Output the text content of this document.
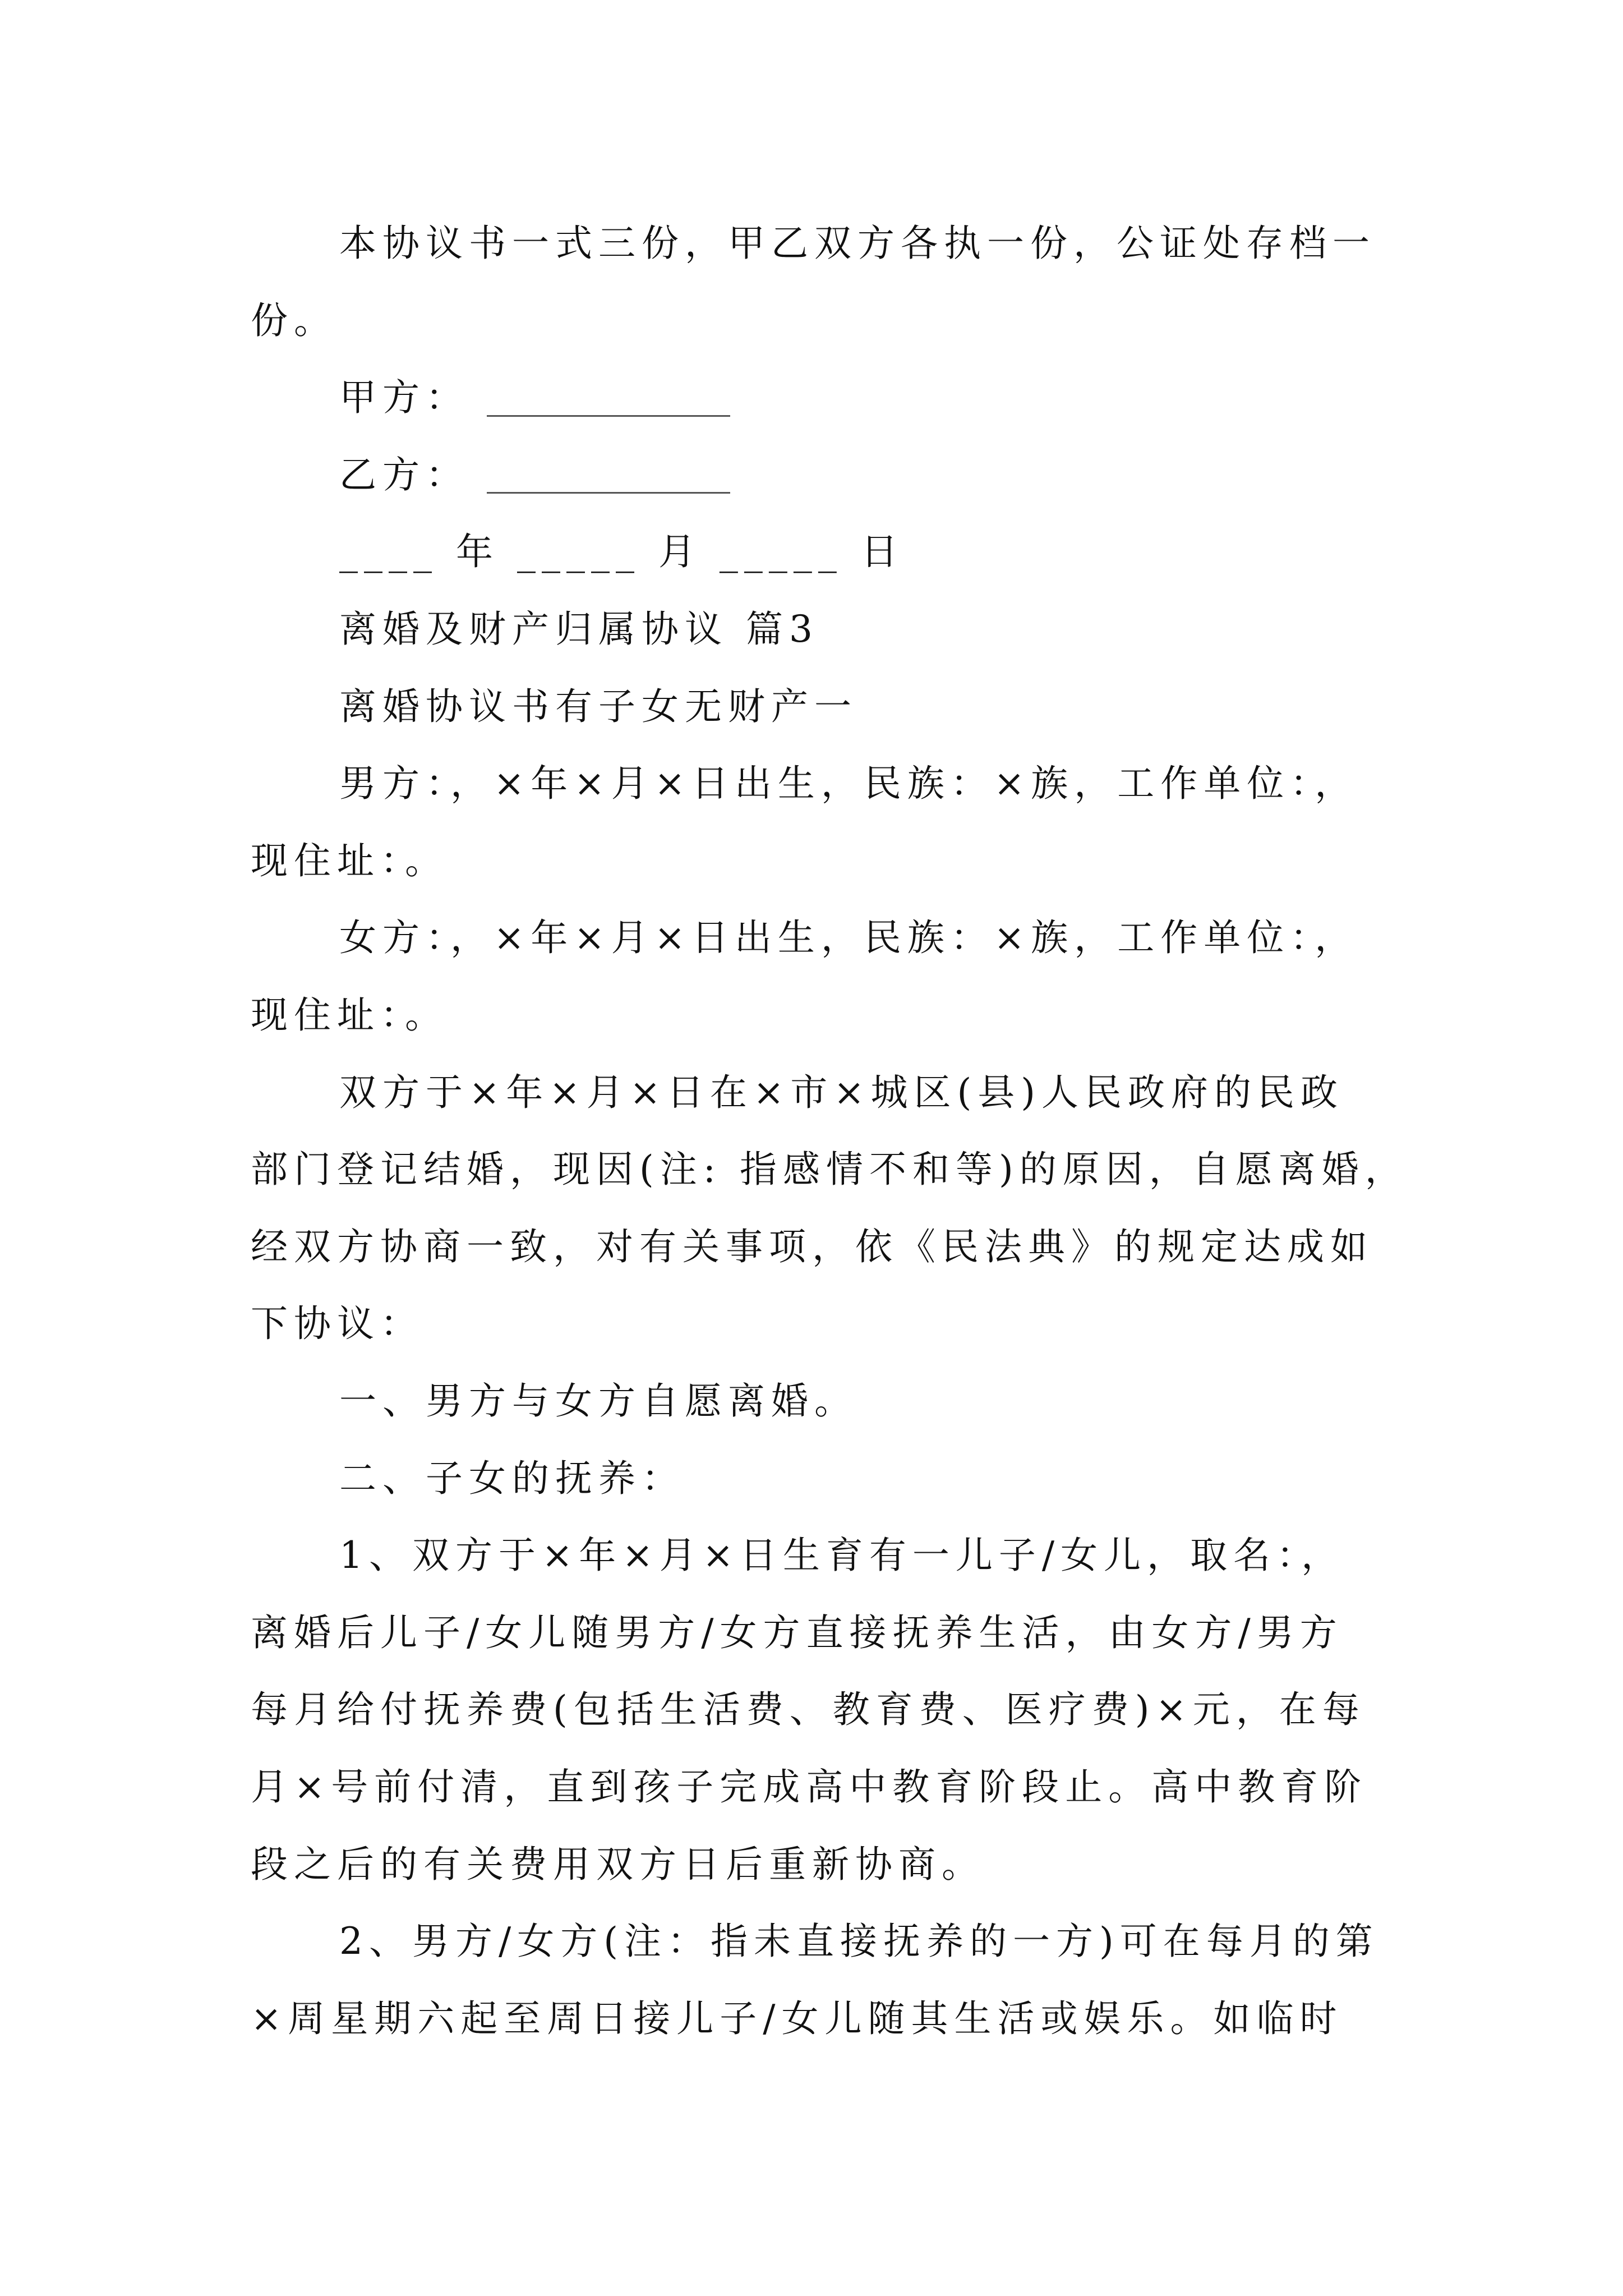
本协议书一式三份，甲乙双方各执一份，公证处存档一
份。
甲方：
乙方：
____ 年 _____ 月 _____ 日
离婚及财产归属协议 篇3
离婚协议书有子女无财产一
男方：，×年×月×日出生，民族：×族，工作单位：，
现住址：。
女方：，×年×月×日出生，民族：×族，工作单位：，
现住址：。
双方于×年×月×日在×市×城区(县)人民政府的民政
部门登记结婚，现因(注: 指感情不和等)的原因，自愿离婚，
经双方协商一致，对有关事项，依《民法典》的规定达成如
下协议：
一、男方与女方自愿离婚。
二、子女的抚养：
1、双方于×年×月×日生育有一儿子/女儿，取名：，
离婚后儿子/女儿随男方/女方直接抚养生活，由女方/男方
每月给付抚养费(包括生活费、教育费、医疗费)×元，在每
月×号前付清，直到孩子完成高中教育阶段止。高中教育阶
段之后的有关费用双方日后重新协商。
2、男方/女方(注：指未直接抚养的一方)可在每月的第
×周星期六起至周日接儿子/女儿随其生活或娱乐。如临时
